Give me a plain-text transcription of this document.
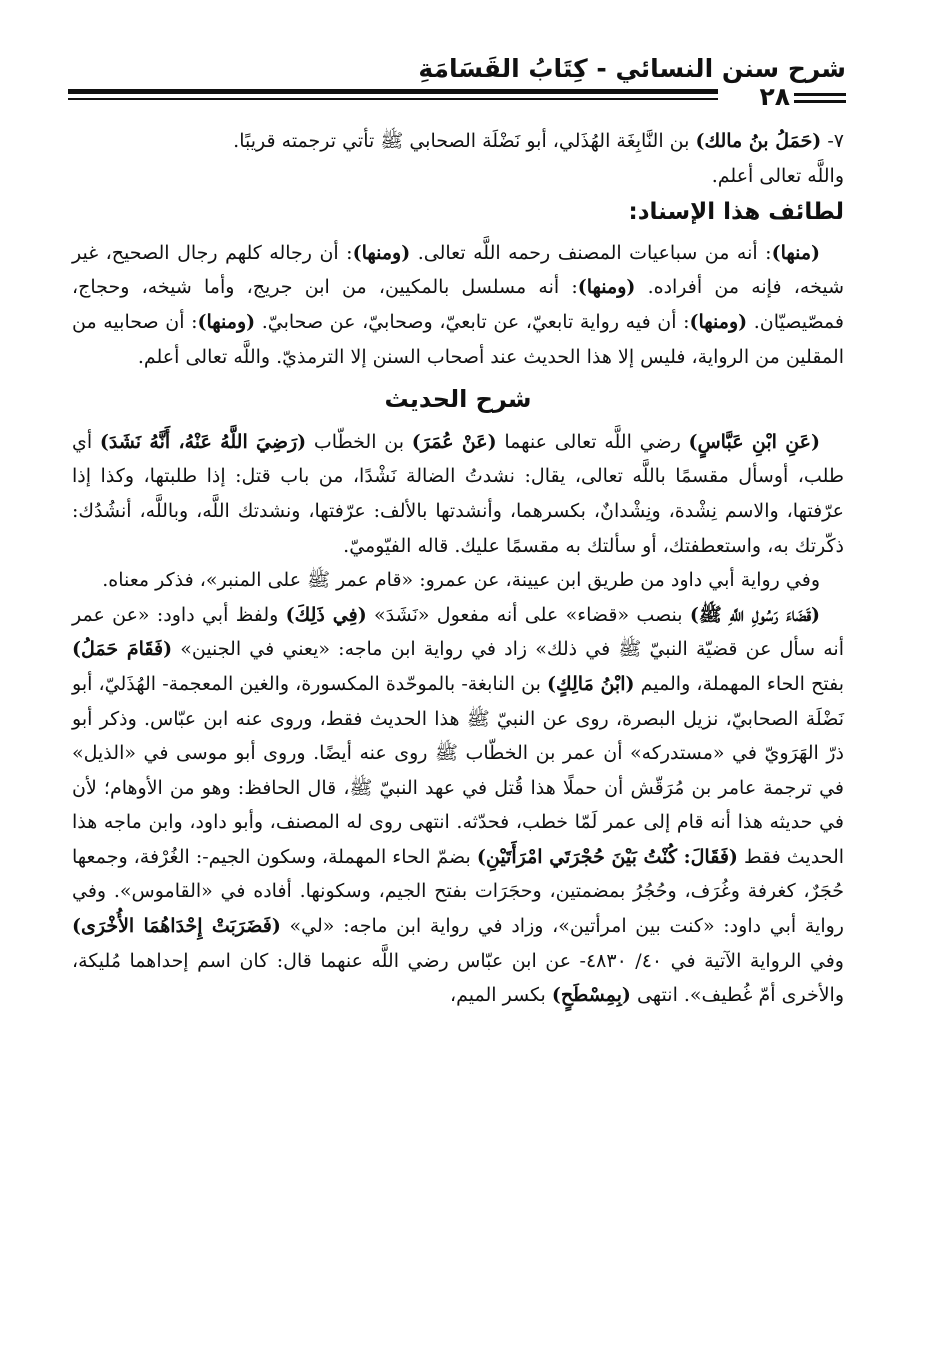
شرح سنن النسائي - كِتَابُ القَسَامَةِ
٢٨

٧- (حَمَلُ بنُ مالك) بن النَّابِغَة الهُذَلي، أبو نَضْلَة الصحابي ﷺ تأتي ترجمته قريبًا.

واللَّه تعالى أعلم.

لطائف هذا الإسناد:

(منها): أنه من سباعيات المصنف رحمه اللَّه تعالى. (ومنها): أن رجاله كلهم رجال الصحيح، غير شيخه، فإنه من أفراده. (ومنها): أنه مسلسل بالمكيين، من ابن جريج، وأما شيخه، وحجاج، فمصّيصيّان. (ومنها): أن فيه رواية تابعيّ، عن تابعيّ، وصحابيّ، عن صحابيّ. (ومنها): أن صحابيه من المقلين من الرواية، فليس إلا هذا الحديث عند أصحاب السنن إلا الترمذيّ. واللَّه تعالى أعلم.

شرح الحديث

(عَنِ ابْنِ عَبَّاسٍ) رضي اللَّه تعالى عنهما (عَنْ عُمَرَ) بن الخطّاب (رَضِيَ اللَّهُ عَنْهُ، أَنَّهُ نَشَدَ) أي طلب، أوسأل مقسمًا باللَّه تعالى، يقال: نشدتُ الضالة نَشْدًا، من باب قتل: إذا طلبتها، وكذا إذا عرّفتها، والاسم نِشْدة، ونِشْدانٌ، بكسرهما، وأنشدتها بالألف: عرّفتها، ونشدتك اللَّه، وباللَّه، أنشُدُك: ذكّرتك به، واستعطفتك، أو سألتك به مقسمًا عليك. قاله الفيّوميّ.

وفي رواية أبي داود من طريق ابن عيينة، عن عمرو: «قام عمر ﷺ على المنبر»، فذكر معناه.

(قَضَاءَ رَسُولِ اللَّهِ ﷺ) بنصب «قضاء» على أنه مفعول «نَشَدَ» (فِي ذَلِكَ) ولفظ أبي داود: «عن عمر أنه سأل عن قضيّة النبيّ ﷺ في ذلك» زاد في رواية ابن ماجه: «يعني في الجنين» (فَقَامَ حَمَلُ) بفتح الحاء المهملة، والميم (ابْنُ مَالِكٍ) بن النابغة- بالموحّدة المكسورة، والغين المعجمة- الهُذَليّ، أبو نَضْلَة الصحابيّ، نزيل البصرة، روى عن النبيّ ﷺ هذا الحديث فقط، وروى عنه ابن عبّاس. وذكر أبو ذرّ الهَرَويّ في «مستدركه» أن عمر بن الخطّاب ﷺ روى عنه أيضًا. وروى أبو موسى في «الذيل» في ترجمة عامر بن مُرَقّش أن حملًا هذا قُتل في عهد النبيّ ﷺ، قال الحافظ: وهو من الأوهام؛ لأن في حديثه هذا أنه قام إلى عمر لَمّا خطب، فحدّثه. انتهى روى له المصنف، وأبو داود، وابن ماجه هذا الحديث فقط (فَقَالَ: كُنْتُ بَيْنَ حُجْرَتَي امْرَأَتَيْنِ) بضمّ الحاء المهملة، وسكون الجيم-: الغُرْفة، وجمعها حُجَرٌ، كغرفة وغُرَف، وحُجُرُ بمضمتين، وحجَرَات بفتح الجيم، وسكونها. أفاده في «القاموس». وفي رواية أبي داود: «كنت بين امرأتين»، وزاد في رواية ابن ماجه: «لي» (فَضَرَبَتْ إِحْدَاهُمَا الأُخْرَى) وفي الرواية الآتية في ٤٠/ ٤٨٣٠- عن ابن عبّاس رضي اللَّه عنهما قال: كان اسم إحداهما مُليكة، والأخرى أمّ غُطيف». انتهى (بِمِسْطَحٍ) بكسر الميم،
